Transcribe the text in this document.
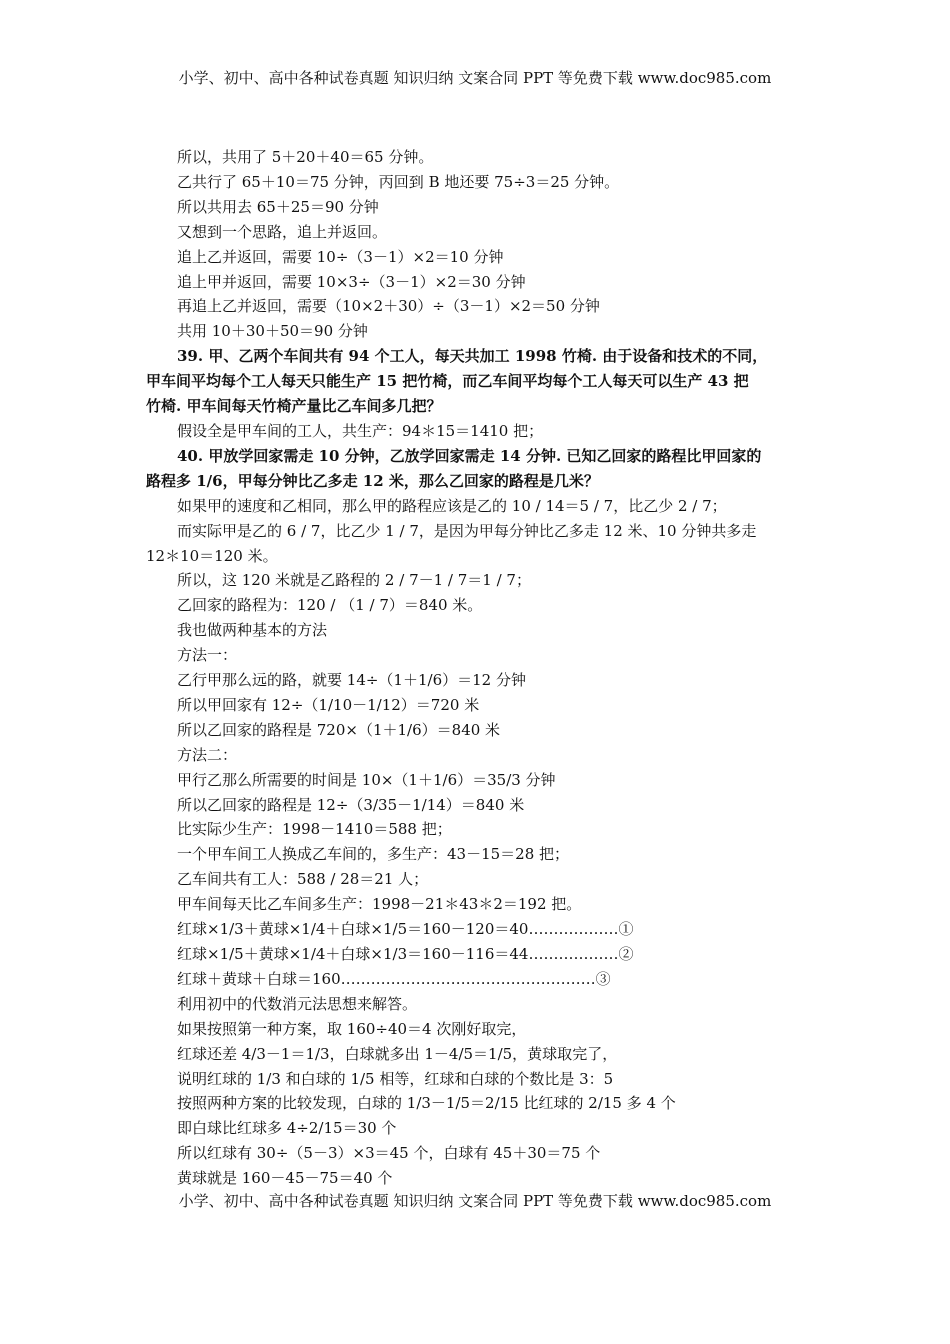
小学、初中、高中各种试卷真题 知识归纳 文案合同 PPT 等免费下载 www.doc985.com
所以，共用了 5＋20＋40＝65 分钟。
乙共行了 65＋10＝75 分钟，丙回到 B 地还要 75÷3＝25 分钟。
所以共用去 65＋25＝90 分钟
又想到一个思路，追上并返回。
追上乙并返回，需要 10÷（3－1）×2＝10 分钟
追上甲并返回，需要 10×3÷（3－1）×2＝30 分钟
再追上乙并返回，需要（10×2＋30）÷（3－1）×2＝50 分钟
共用 10＋30＋50＝90 分钟
39. 甲、乙两个车间共有 94 个工人，每天共加工 1998 竹椅. 由于设备和技术的不同，
甲车间平均每个工人每天只能生产 15 把竹椅，而乙车间平均每个工人每天可以生产 43 把
竹椅. 甲车间每天竹椅产量比乙车间多几把？
假设全是甲车间的工人，共生产：94＊15＝1410 把；
40. 甲放学回家需走 10 分钟，乙放学回家需走 14 分钟. 已知乙回家的路程比甲回家的
路程多 1/6，甲每分钟比乙多走 12 米，那么乙回家的路程是几米？
如果甲的速度和乙相同，那么甲的路程应该是乙的 10 / 14＝5 / 7，比乙少 2 / 7；
而实际甲是乙的 6 / 7，比乙少 1 / 7，是因为甲每分钟比乙多走 12 米、10 分钟共多走
12＊10＝120 米。
所以，这 120 米就是乙路程的 2 / 7－1 / 7＝1 / 7；
乙回家的路程为：120 / （1 / 7）＝840 米。
我也做两种基本的方法
方法一：
乙行甲那么远的路，就要 14÷（1＋1/6）＝12 分钟
所以甲回家有 12÷（1/10－1/12）＝720 米
所以乙回家的路程是 720×（1＋1/6）＝840 米
方法二：
甲行乙那么所需要的时间是 10×（1＋1/6）＝35/3 分钟
所以乙回家的路程是 12÷（3/35－1/14）＝840 米
比实际少生产：1998－1410＝588 把；
一个甲车间工人换成乙车间的，多生产：43－15＝28 把；
乙车间共有工人：588 / 28＝21 人；
甲车间每天比乙车间多生产：1998－21＊43＊2＝192 把。
红球×1/3＋黄球×1/4＋白球×1/5＝160－120＝40………………①
红球×1/5＋黄球×1/4＋白球×1/3＝160－116＝44………………②
红球＋黄球＋白球＝160……………………………………………③
利用初中的代数消元法思想来解答。
如果按照第一种方案，取 160÷40＝4 次刚好取完，
红球还差 4/3－1＝1/3，白球就多出 1－4/5＝1/5，黄球取完了，
说明红球的 1/3 和白球的 1/5 相等，红球和白球的个数比是 3：5
按照两种方案的比较发现，白球的 1/3－1/5＝2/15 比红球的 2/15 多 4 个
即白球比红球多 4÷2/15＝30 个
所以红球有 30÷（5－3）×3＝45 个，白球有 45＋30＝75 个
黄球就是 160－45－75＝40 个
小学、初中、高中各种试卷真题 知识归纳 文案合同 PPT 等免费下载 www.doc985.com
